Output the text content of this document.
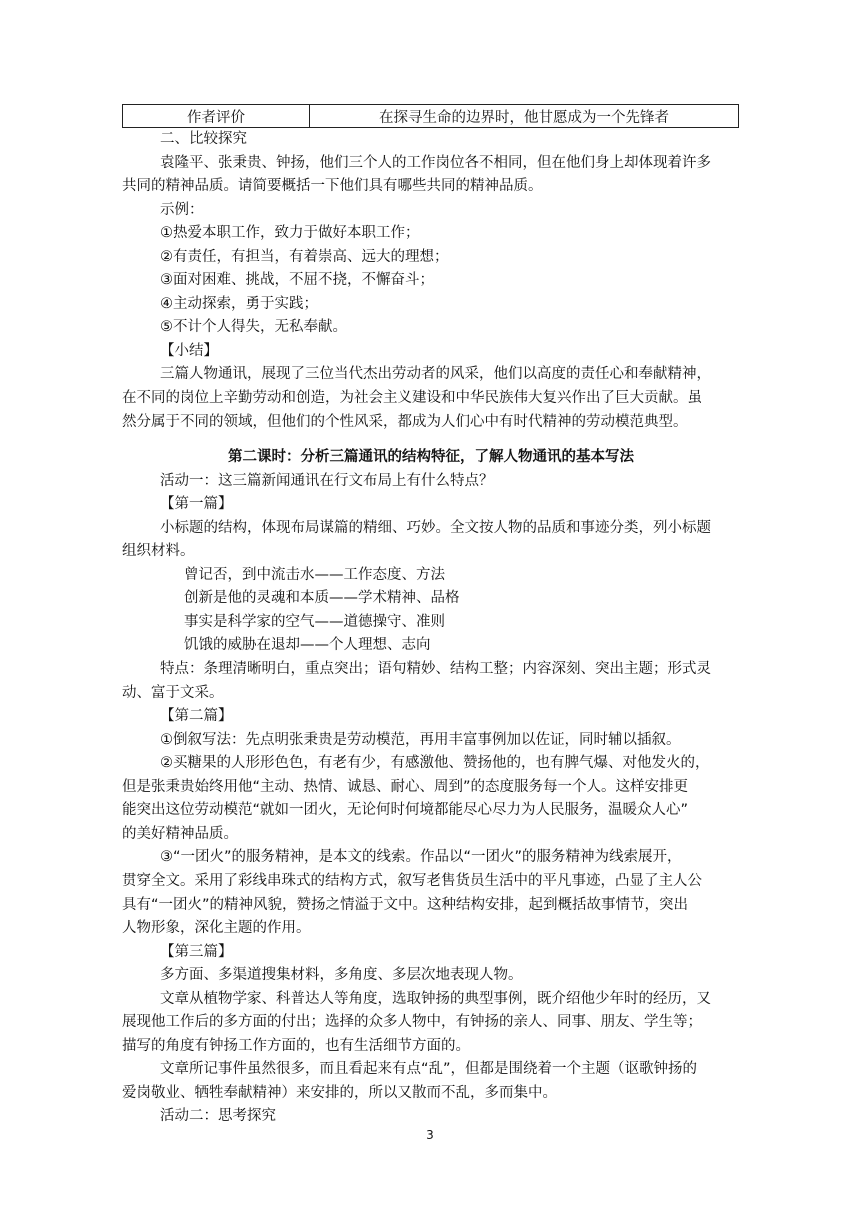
作者评价	在探寻生命的边界时，他甘愿成为一个先锋者
二、比较探究
袁隆平、张秉贵、钟扬，他们三个人的工作岗位各不相同，但在他们身上却体现着许多
共同的精神品质。请简要概括一下他们具有哪些共同的精神品质。
示例：
①热爱本职工作，致力于做好本职工作；
②有责任，有担当，有着崇高、远大的理想；
③面对困难、挑战，不屈不挠，不懈奋斗；
④主动探索，勇于实践；
⑤不计个人得失，无私奉献。
【小结】
三篇人物通讯，展现了三位当代杰出劳动者的风采，他们以高度的责任心和奉献精神，
在不同的岗位上辛勤劳动和创造，为社会主义建设和中华民族伟大复兴作出了巨大贡献。虽
然分属于不同的领域，但他们的个性风采，都成为人们心中有时代精神的劳动模范典型。
第二课时：分析三篇通讯的结构特征，了解人物通讯的基本写法
活动一：这三篇新闻通讯在行文布局上有什么特点？
【第一篇】
小标题的结构，体现布局谋篇的精细、巧妙。全文按人物的品质和事迹分类，列小标题
组织材料。
曾记否，到中流击水——工作态度、方法
创新是他的灵魂和本质——学术精神、品格
事实是科学家的空气——道德操守、准则
饥饿的威胁在退却——个人理想、志向
特点：条理清晰明白，重点突出；语句精妙、结构工整；内容深刻、突出主题；形式灵
动、富于文采。
【第二篇】
①倒叙写法：先点明张秉贵是劳动模范，再用丰富事例加以佐证，同时辅以插叙。
②买糖果的人形形色色，有老有少，有感激他、赞扬他的，也有脾气爆、对他发火的，
但是张秉贵始终用他“主动、热情、诚恳、耐心、周到”的态度服务每一个人。这样安排更
能突出这位劳动模范“就如一团火，无论何时何境都能尽心尽力为人民服务，温暖众人心”
的美好精神品质。
③“一团火”的服务精神，是本文的线索。作品以“一团火”的服务精神为线索展开，
贯穿全文。采用了彩线串珠式的结构方式，叙写老售货员生活中的平凡事迹，凸显了主人公
具有“一团火”的精神风貌，赞扬之情溢于文中。这种结构安排，起到概括故事情节，突出
人物形象，深化主题的作用。
【第三篇】
多方面、多渠道搜集材料，多角度、多层次地表现人物。
文章从植物学家、科普达人等角度，选取钟扬的典型事例，既介绍他少年时的经历，又
展现他工作后的多方面的付出；选择的众多人物中，有钟扬的亲人、同事、朋友、学生等；
描写的角度有钟扬工作方面的，也有生活细节方面的。
文章所记事件虽然很多，而且看起来有点“乱”，但都是围绕着一个主题（讴歌钟扬的
爱岗敬业、牺牲奉献精神）来安排的，所以又散而不乱，多而集中。
活动二：思考探究
3
